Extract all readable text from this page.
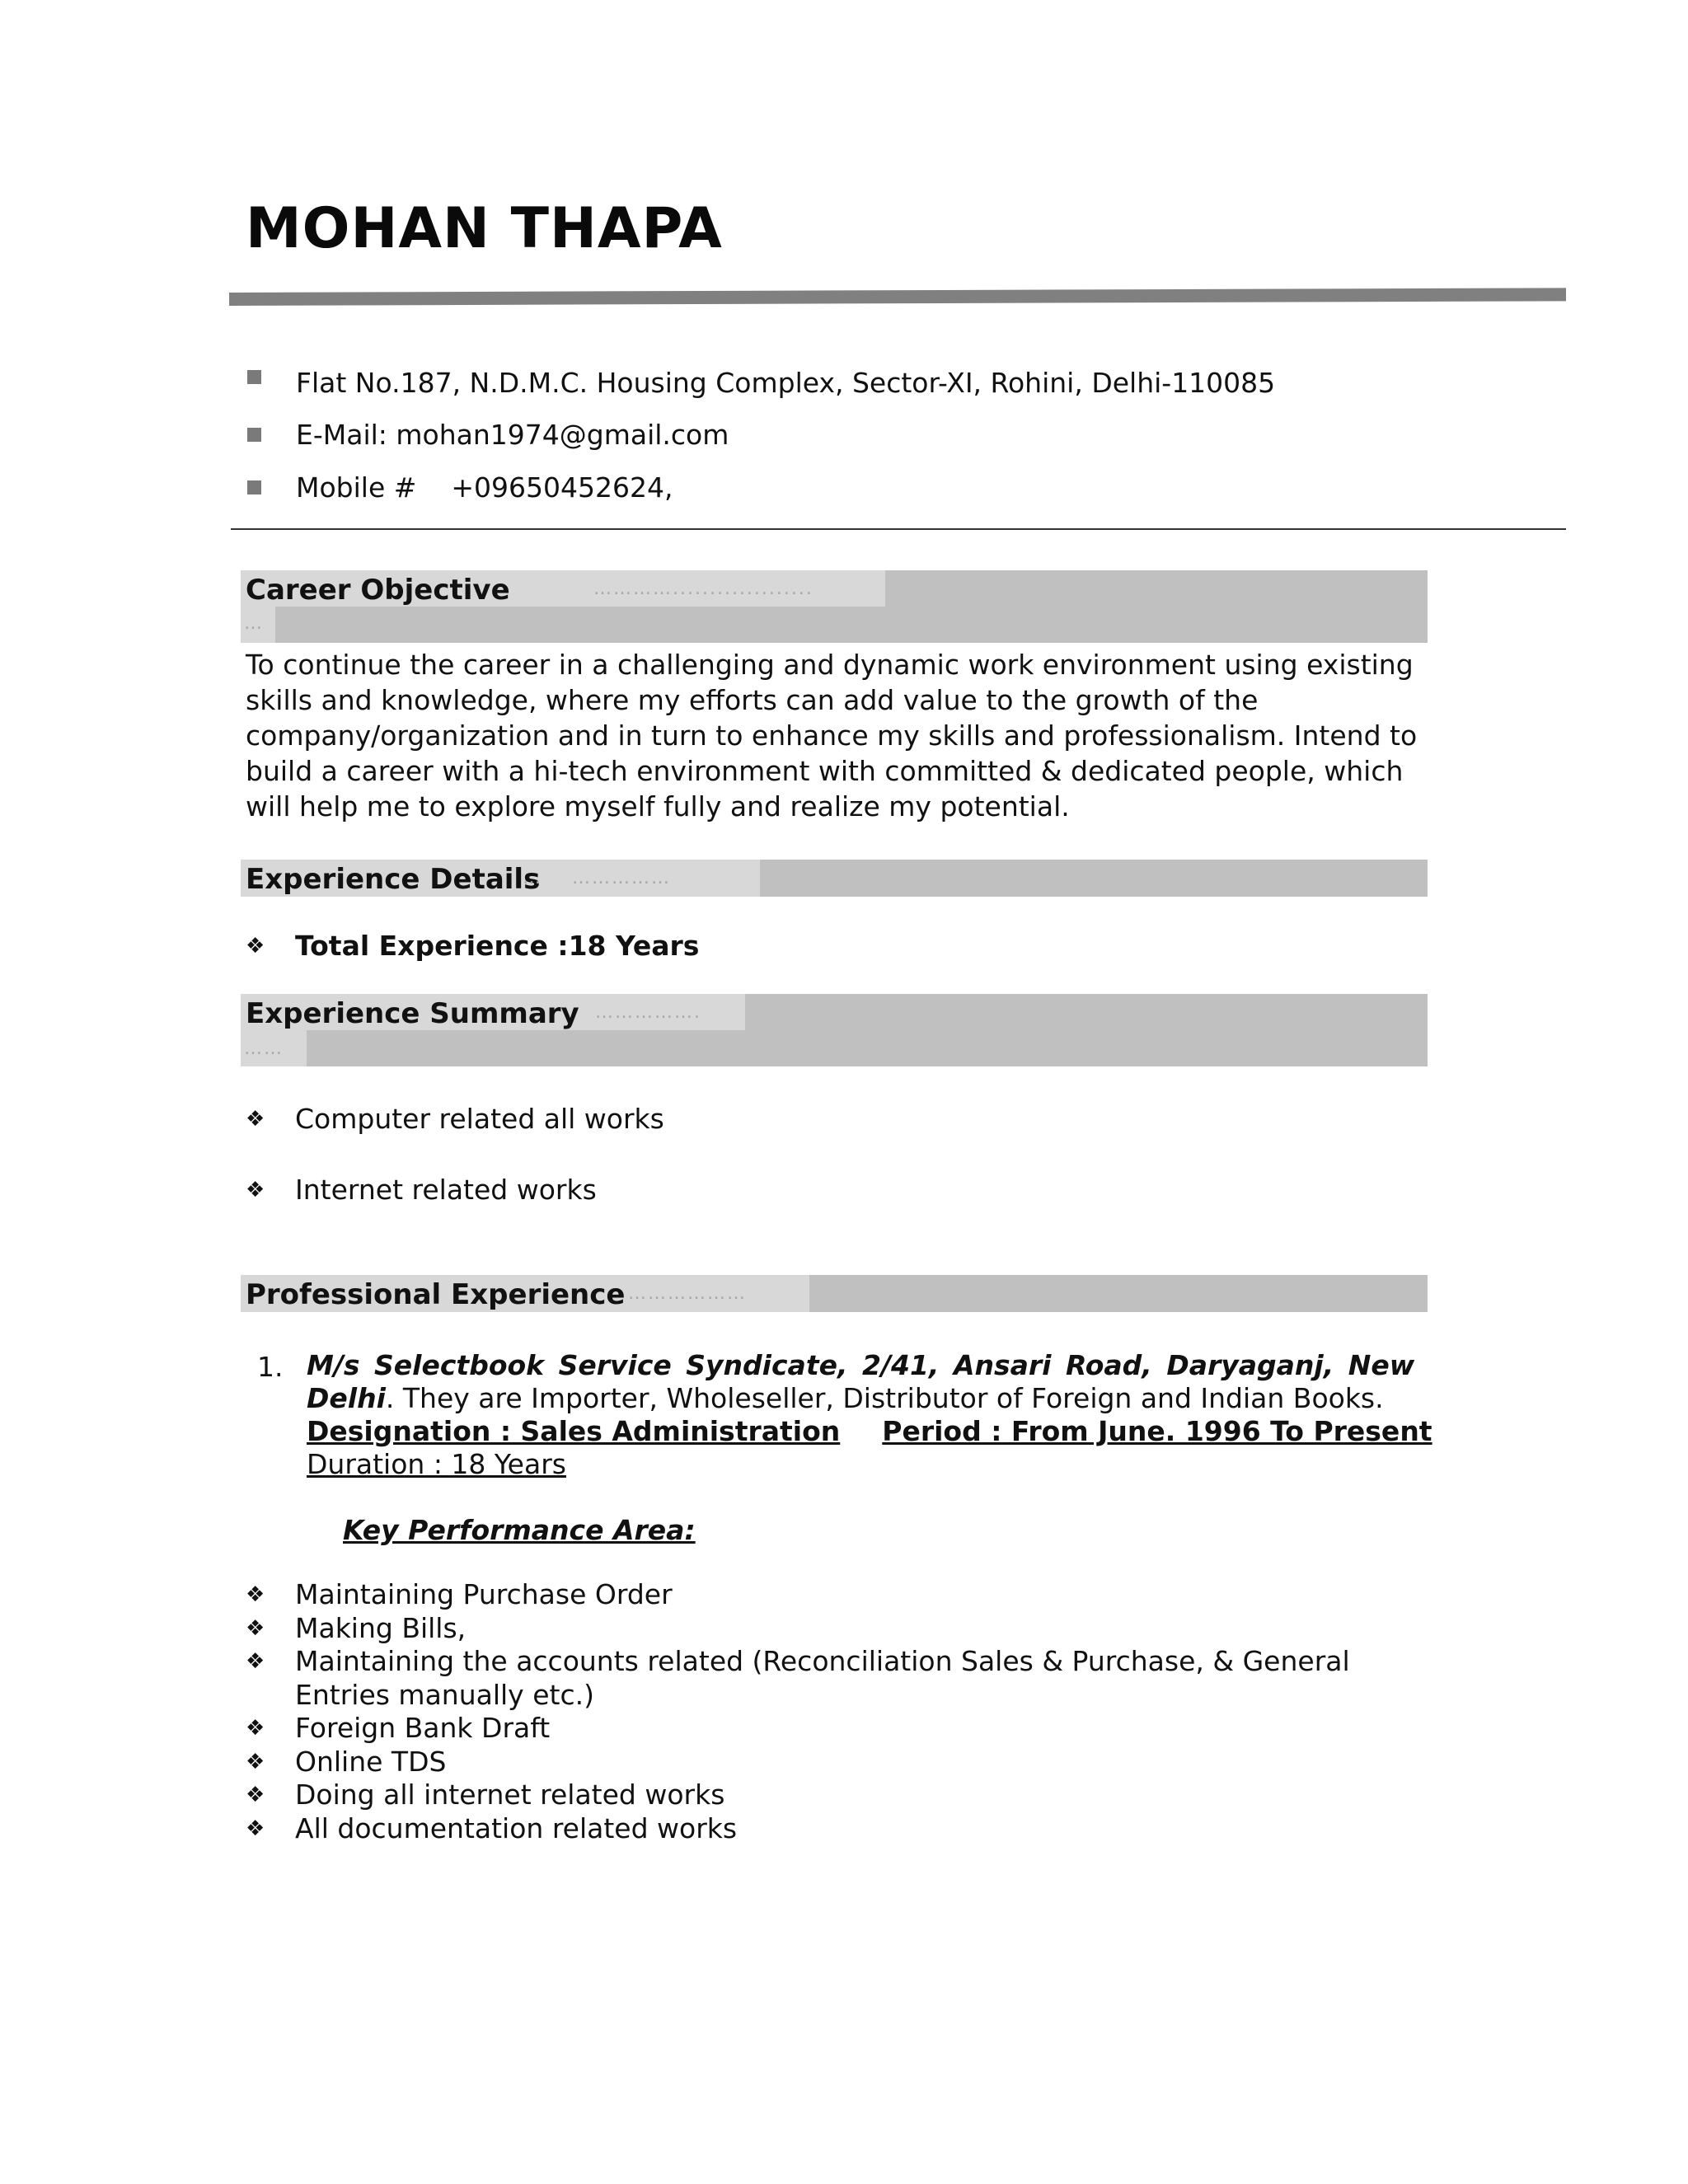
MOHAN THAPA
Flat No.187, N.D.M.C. Housing Complex, Sector-XI, Rohini, Delhi-110085
E-Mail: mohan1974@gmail.com
Mobile #    +09650452624,
Career Objective	…………...................
…
To continue the career in a challenging and dynamic work environment using existing skills and knowledge, where my efforts can add value to the growth of the company/organization and in turn to enhance my skills and professionalism. Intend to build a career with a hi-tech environment with committed & dedicated people, which will help me to explore myself fully and realize my potential.
Experience Details
…    ……………
❖	Total Experience :18 Years
Experience Summary …………….
……
❖	Computer related all works
❖	Internet related works
Professional Experience ………………
1. M/s Selectbook Service Syndicate, 2/41, Ansari Road, Daryaganj, New Delhi. They are Importer, Wholeseller, Distributor of Foreign and Indian Books.
Designation : Sales Administration Period : From June. 1996 To Present
Duration : 18 Years
Key Performance Area:
❖	Maintaining Purchase Order
❖	Making Bills,
❖	Maintaining the accounts related (Reconciliation Sales & Purchase, & General Entries manually etc.)
❖	Foreign Bank Draft
❖	Online TDS
❖	Doing all internet related works
❖	All documentation related works
